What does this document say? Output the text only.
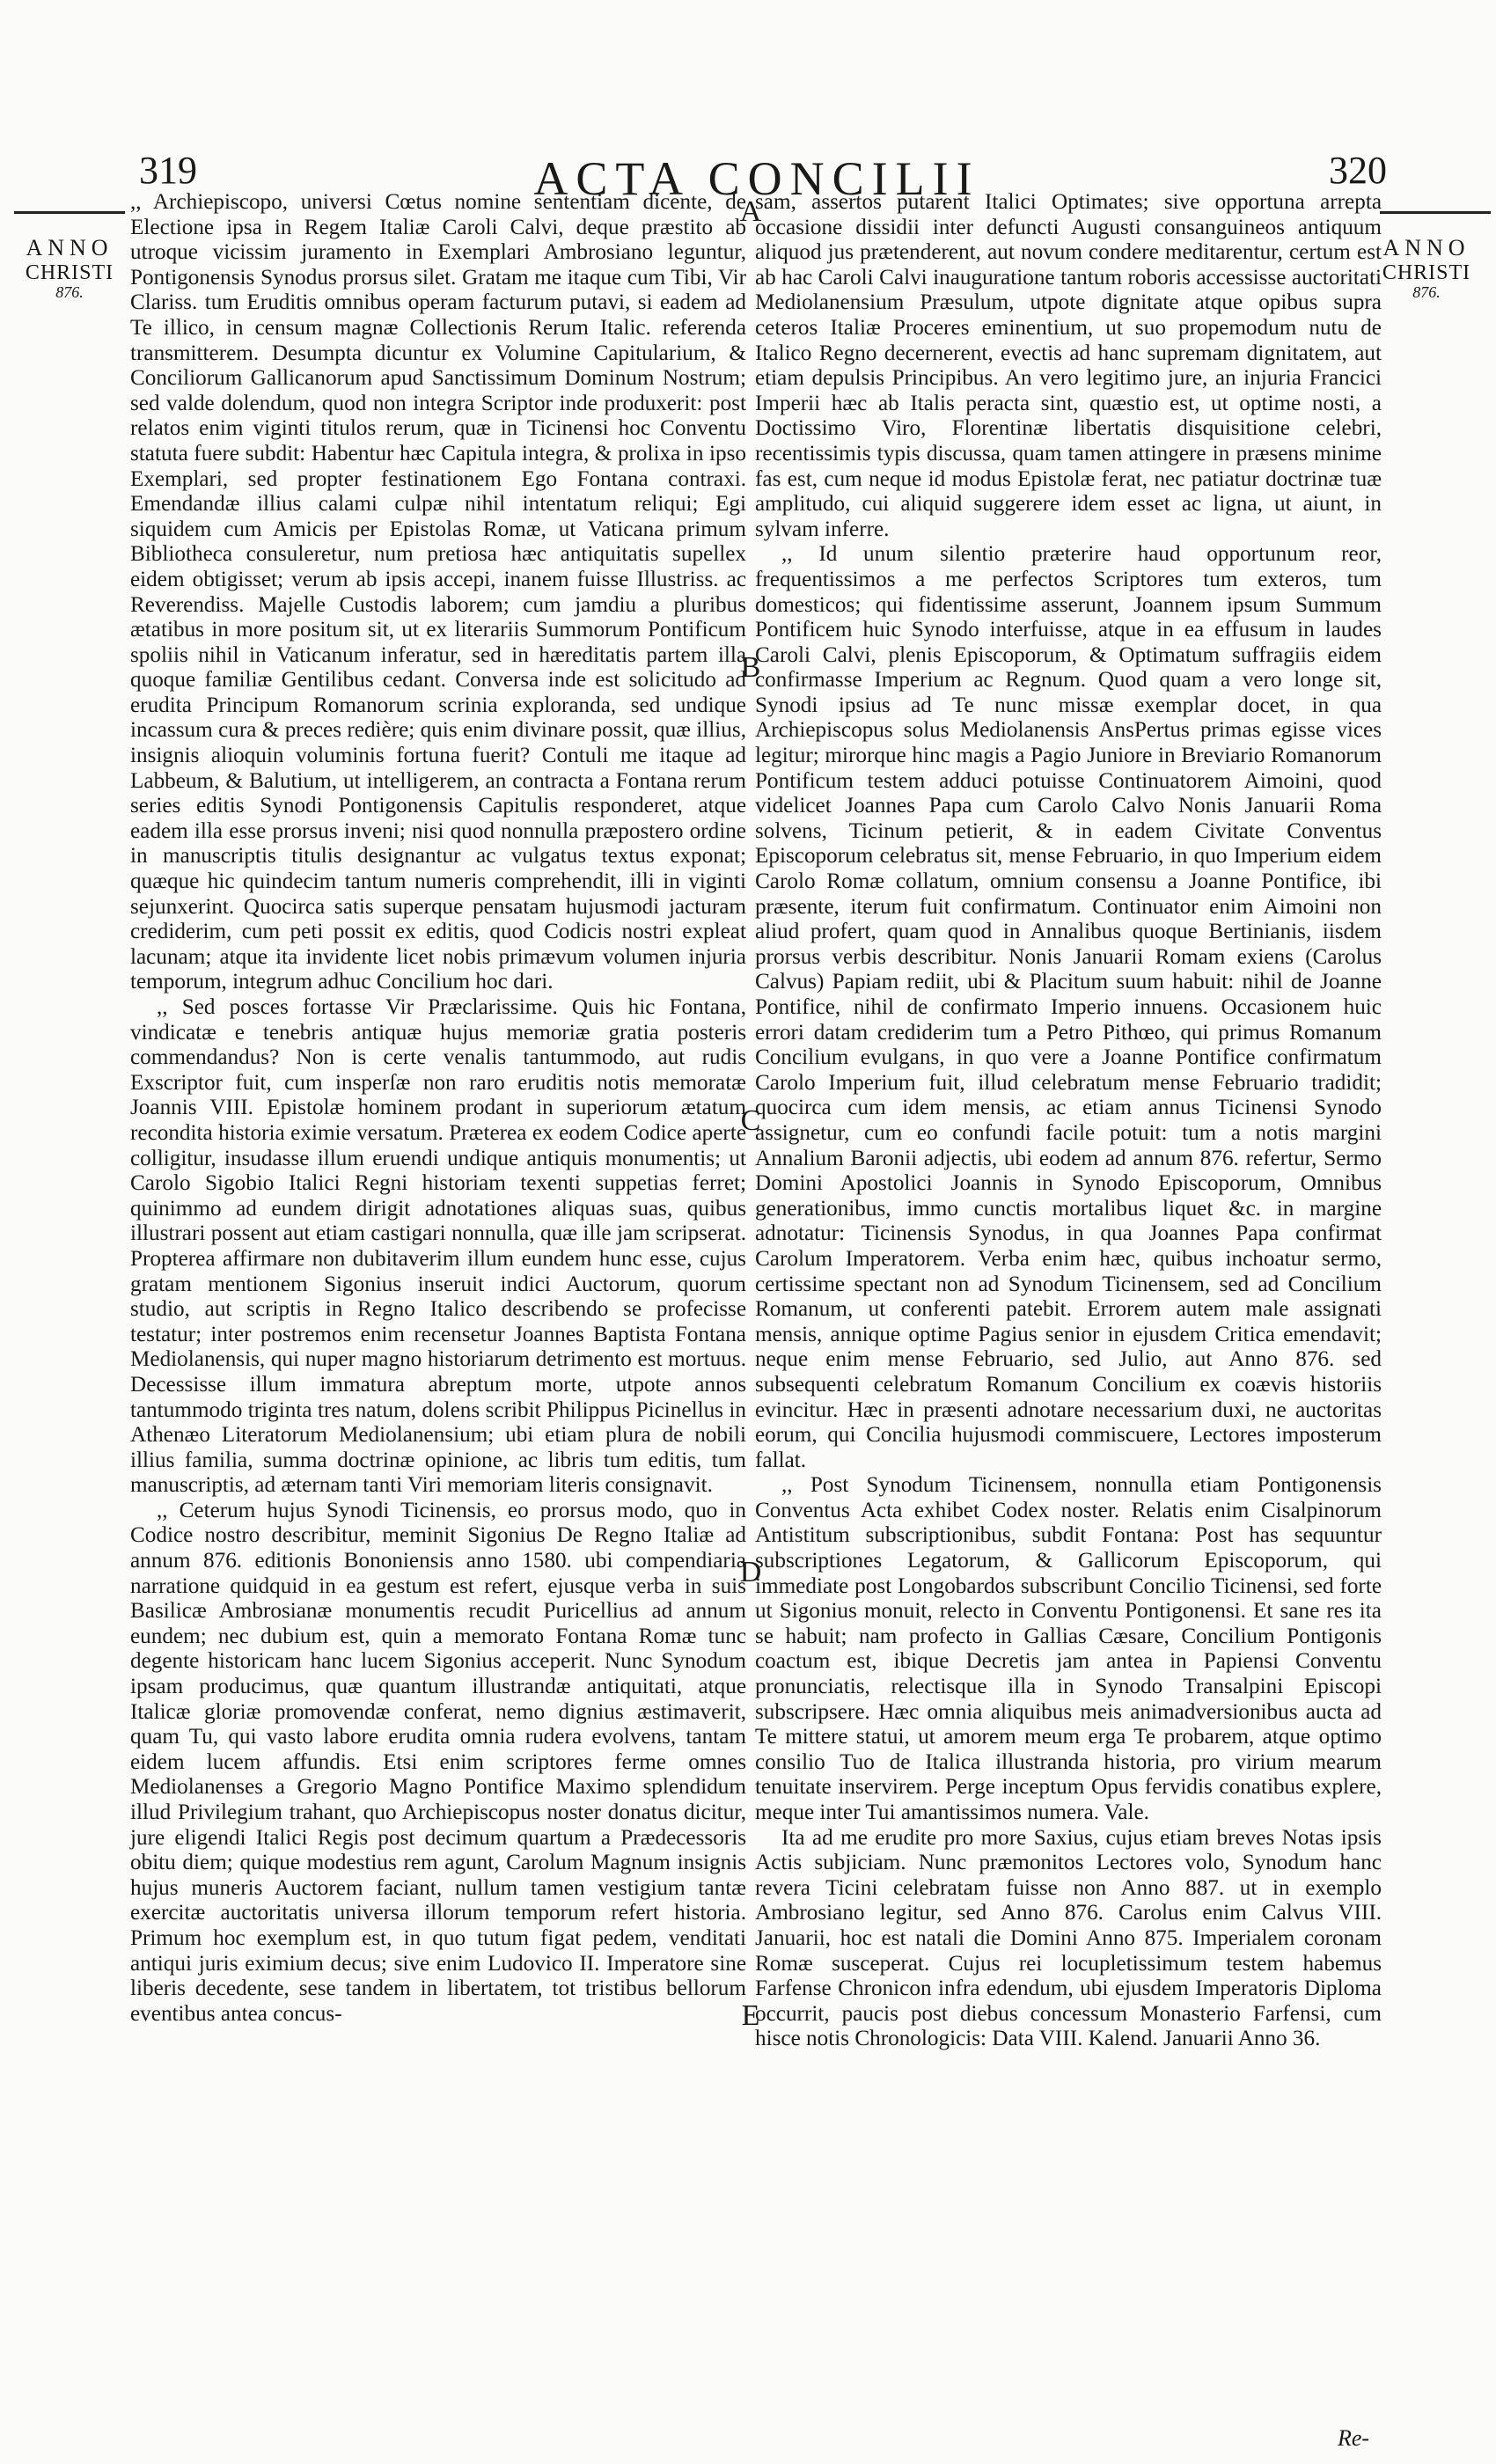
319	ACTA CONCILII	320
ANNO
CHRISTI
876.
ANNO
CHRISTI
876.

,, Archiepiscopo, universi Cœtus nomine sententiam dicente, de Electione ipsa in Regem Italiæ Caroli Calvi, deque præstito ab utroque vicissim juramento in Exemplari Ambrosiano leguntur, Pontigonensis Synodus prorsus silet. Gratam me itaque cum Tibi, Vir Clariss. tum Eruditis omnibus operam facturum putavi, si eadem ad Te illico, in censum magnæ Collectionis Rerum Italic. referenda transmitterem. Desumpta dicuntur ex Volumine Capitularium, & Conciliorum Gallicanorum apud Sanctissimum Dominum Nostrum; sed valde dolendum, quod non integra Scriptor inde produxerit: post relatos enim viginti titulos rerum, quæ in Ticinensi hoc Conventu statuta fuere subdit: Habentur hæc Capitula integra, & prolixa in ipso Exemplari, sed propter festinationem Ego Fontana contraxi. Emendandæ illius calami culpæ nihil intentatum reliqui; Egi siquidem cum Amicis per Epistolas Romæ, ut Vaticana primum Bibliotheca consuleretur, num pretiosa hæc antiquitatis supellex eidem obtigisset; verum ab ipsis accepi, inanem fuisse Illustriss. ac Reverendiss. Majelle Custodis laborem; cum jamdiu a pluribus ætatibus in more positum sit, ut ex literariis Summorum Pontificum spoliis nihil in Vaticanum inferatur, sed in hæreditatis partem illa quoque familiæ Gentilibus cedant. Conversa inde est solicitudo ad erudita Principum Romanorum scrinia exploranda, sed undique incassum cura & preces redière; quis enim divinare possit, quæ illius, insignis alioquin voluminis fortuna fuerit? Contuli me itaque ad Labbeum, & Balutium, ut intelligerem, an contracta a Fontana rerum series editis Synodi Pontigonensis Capitulis responderet, atque eadem illa esse prorsus inveni; nisi quod nonnulla præpostero ordine in manuscriptis titulis designantur ac vulgatus textus exponat; quæque hic quindecim tantum numeris comprehendit, illi in viginti sejunxerint. Quocirca satis superque pensatam hujusmodi jacturam crediderim, cum peti possit ex editis, quod Codicis nostri expleat lacunam; atque ita invidente licet nobis primævum volumen injuria temporum, integrum adhuc Concilium hoc dari.

,, Sed posces fortasse Vir Præclarissime. Quis hic Fontana, vindicatæ e tenebris antiquæ hujus memoriæ gratia posteris commendandus? Non is certe venalis tantummodo, aut rudis Exscriptor fuit, cum insperſæ non raro eruditis notis memoratæ Joannis VIII. Epistolæ hominem prodant in superiorum ætatum recondita historia eximie versatum. Præterea ex eodem Codice aperte colligitur, insudasse illum eruendi undique antiquis monumentis; ut Carolo Sigobio Italici Regni historiam texenti suppetias ferret; quinimmo ad eundem dirigit adnotationes aliquas suas, quibus illustrari possent aut etiam castigari nonnulla, quæ ille jam scripserat. Propterea affirmare non dubitaverim illum eundem hunc esse, cujus gratam mentionem Sigonius inseruit indici Auctorum, quorum studio, aut scriptis in Regno Italico describendo se profecisse testatur; inter postremos enim recensetur Joannes Baptista Fontana Mediolanensis, qui nuper magno historiarum detrimento est mortuus. Decessisse illum immatura abreptum morte, utpote annos tantummodo triginta tres natum, dolens scribit Philippus Picinellus in Athenæo Literatorum Mediolanensium; ubi etiam plura de nobili illius familia, summa doctrinæ opinione, ac libris tum editis, tum manuscriptis, ad æternam tanti Viri memoriam literis consignavit.

,, Ceterum hujus Synodi Ticinensis, eo prorsus modo, quo in Codice nostro describitur, meminit Sigonius De Regno Italiæ ad annum 876. editionis Bononiensis anno 1580. ubi compendiaria narratione quidquid in ea gestum est refert, ejusque verba in suis Basilicæ Ambrosianæ monumentis recudit Puricellius ad annum eundem; nec dubium est, quin a memorato Fontana Romæ tunc degente historicam hanc lucem Sigonius acceperit. Nunc Synodum ipsam producimus, quæ quantum illustrandæ antiquitati, atque Italicæ gloriæ promovendæ conferat, nemo dignius æstimaverit, quam Tu, qui vasto labore erudita omnia rudera evolvens, tantam eidem lucem affundis. Etsi enim scriptores ferme omnes Mediolanenses a Gregorio Magno Pontifice Maximo splendidum illud Privilegium trahant, quo Archiepiscopus noster donatus dicitur, jure eligendi Italici Regis post decimum quartum a Prædecessoris obitu diem; quique modestius rem agunt, Carolum Magnum insignis hujus muneris Auctorem faciant, nullum tamen vestigium tantæ exercitæ auctoritatis universa illorum temporum refert historia. Primum hoc exemplum est, in quo tutum figat pedem, venditati antiqui juris eximium decus; sive enim Ludovico II. Imperatore sine liberis decedente, sese tandem in libertatem, tot tristibus bellorum eventibus antea concus-

A
B
C
D
E

sam, assertos putarent Italici Optimates; sive opportuna arrepta occasione dissidii inter defuncti Augusti consanguineos antiquum aliquod jus prætenderent, aut novum condere meditarentur, certum est ab hac Caroli Calvi inauguratione tantum roboris accessisse auctoritati Mediolanensium Præsulum, utpote dignitate atque opibus supra ceteros Italiæ Proceres eminentium, ut suo propemodum nutu de Italico Regno decernerent, evectis ad hanc supremam dignitatem, aut etiam depulsis Principibus. An vero legitimo jure, an injuria Francici Imperii hæc ab Italis peracta sint, quæstio est, ut optime nosti, a Doctissimo Viro, Florentinæ libertatis disquisitione celebri, recentissimis typis discussa, quam tamen attingere in præsens minime fas est, cum neque id modus Epistolæ ferat, nec patiatur doctrinæ tuæ amplitudo, cui aliquid suggerere idem esset ac ligna, ut aiunt, in sylvam inferre.

,, Id unum silentio præterire haud opportunum reor, frequentissimos a me perfectos Scriptores tum exteros, tum domesticos; qui fidentissime asserunt, Joannem ipsum Summum Pontificem huic Synodo interfuisse, atque in ea effusum in laudes Caroli Calvi, plenis Episcoporum, & Optimatum suffragiis eidem confirmasse Imperium ac Regnum. Quod quam a vero longe sit, Synodi ipsius ad Te nunc missæ exemplar docet, in qua Archiepiscopus solus Mediolanensis AnsPertus primas egisse vices legitur; mirorque hinc magis a Pagio Juniore in Breviario Romanorum Pontificum testem adduci potuisse Continuatorem Aimoini, quod videlicet Joannes Papa cum Carolo Calvo Nonis Januarii Roma solvens, Ticinum petierit, & in eadem Civitate Conventus Episcoporum celebratus sit, mense Februario, in quo Imperium eidem Carolo Romæ collatum, omnium consensu a Joanne Pontifice, ibi præsente, iterum fuit confirmatum. Continuator enim Aimoini non aliud profert, quam quod in Annalibus quoque Bertinianis, iisdem prorsus verbis describitur. Nonis Januarii Romam exiens (Carolus Calvus) Papiam rediit, ubi & Placitum suum habuit: nihil de Joanne Pontifice, nihil de confirmato Imperio innuens. Occasionem huic errori datam crediderim tum a Petro Pithœo, qui primus Romanum Concilium evulgans, in quo vere a Joanne Pontifice confirmatum Carolo Imperium fuit, illud celebratum mense Februario tradidit; quocirca cum idem mensis, ac etiam annus Ticinensi Synodo assignetur, cum eo confundi facile potuit: tum a notis margini Annalium Baronii adjectis, ubi eodem ad annum 876. refertur, Sermo Domini Apostolici Joannis in Synodo Episcoporum, Omnibus generationibus, immo cunctis mortalibus liquet &c. in margine adnotatur: Ticinensis Synodus, in qua Joannes Papa confirmat Carolum Imperatorem. Verba enim hæc, quibus inchoatur sermo, certissime spectant non ad Synodum Ticinensem, sed ad Concilium Romanum, ut conferenti patebit. Errorem autem male assignati mensis, annique optime Pagius senior in ejusdem Critica emendavit; neque enim mense Februario, sed Julio, aut Anno 876. sed subsequenti celebratum Romanum Concilium ex coævis historiis evincitur. Hæc in præsenti adnotare necessarium duxi, ne auctoritas eorum, qui Concilia hujusmodi commiscuere, Lectores imposterum fallat.

,, Post Synodum Ticinensem, nonnulla etiam Pontigonensis Conventus Acta exhibet Codex noster. Relatis enim Cisalpinorum Antistitum subscriptionibus, subdit Fontana: Post has sequuntur subscriptiones Legatorum, & Gallicorum Episcoporum, qui immediate post Longobardos subscribunt Concilio Ticinensi, sed forte ut Sigonius monuit, relecto in Conventu Pontigonensi. Et sane res ita se habuit; nam profecto in Gallias Cæsare, Concilium Pontigonis coactum est, ibique Decretis jam antea in Papiensi Conventu pronunciatis, relectisque illa in Synodo Transalpini Episcopi subscripsere. Hæc omnia aliquibus meis animadversionibus aucta ad Te mittere statui, ut amorem meum erga Te probarem, atque optimo consilio Tuo de Italica illustranda historia, pro virium mearum tenuitate inservirem. Perge inceptum Opus fervidis conatibus explere, meque inter Tui amantissimos numera. Vale.

Ita ad me erudite pro more Saxius, cujus etiam breves Notas ipsis Actis subjiciam. Nunc præmonitos Lectores volo, Synodum hanc revera Ticini celebratam fuisse non Anno 887. ut in exemplo Ambrosiano legitur, sed Anno 876. Carolus enim Calvus VIII. Januarii, hoc est natali die Domini Anno 875. Imperialem coronam Romæ susceperat. Cujus rei locupletissimum testem habemus Farfense Chronicon infra edendum, ubi ejusdem Imperatoris Diploma occurrit, paucis post diebus concessum Monasterio Farfensi, cum hisce notis Chronologicis: Data VIII. Kalend. Januarii Anno 36.

Re-
